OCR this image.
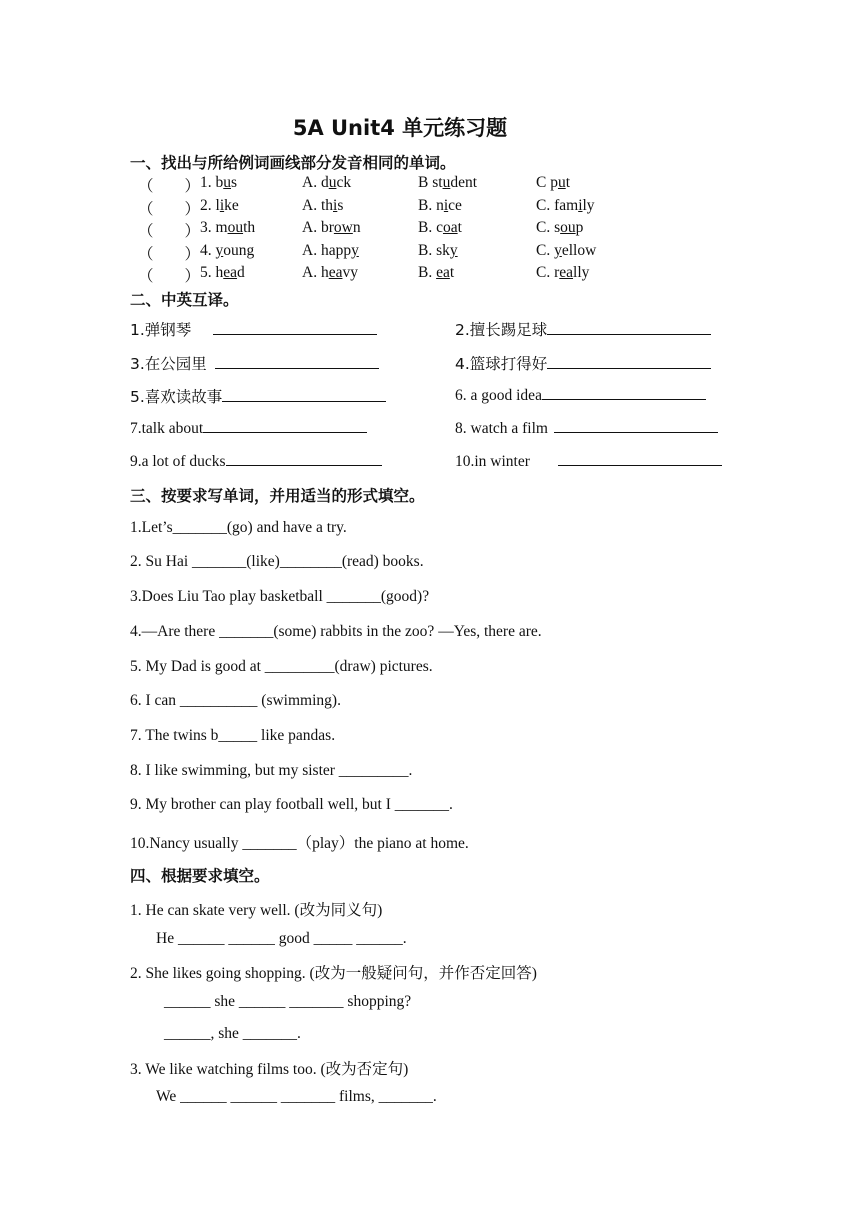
5A Unit4 单元练习题
一、找出与所给例词画线部分发音相同的单词。
（　　） 1. bus	A. duck	B student	C put
（　　） 2. like	A. this	B. nice	C. family
（　　） 3. mouth	A. brown	B. coat	C. soup
（　　） 4. young	A. happy	B. sky	C. yellow
（　　） 5. head	A. heavy	B. eat	C. really
二、中英互译。
1.弹钢琴	2.擅长踢足球
3.在公园里	4.篮球打得好
5.喜欢读故事	6. a good idea
7.talk about	8. watch a film
9.a lot of ducks	10.in winter
三、按要求写单词，并用适当的形式填空。
1.Let’s_______(go) and have a try.
2. Su Hai _______(like)________(read) books.
3.Does Liu Tao play basketball _______(good)?
4.—Are there _______(some) rabbits in the zoo? —Yes, there are.
5. My Dad is good at _________(draw) pictures.
6. I can __________ (swimming).
7. The twins b_____ like pandas.
8. I like swimming, but my sister _________.
9. My brother can play football well, but I _______.
10.Nancy usually _______（play）the piano at home.
四、根据要求填空。
1. He can skate very well. (改为同义句)
He ______ ______ good _____ ______.
2. She likes going shopping. (改为一般疑问句，并作否定回答)
______ she ______ _______ shopping?
______, she _______.
3. We like watching films too. (改为否定句)
We ______ ______ _______ films, _______.
